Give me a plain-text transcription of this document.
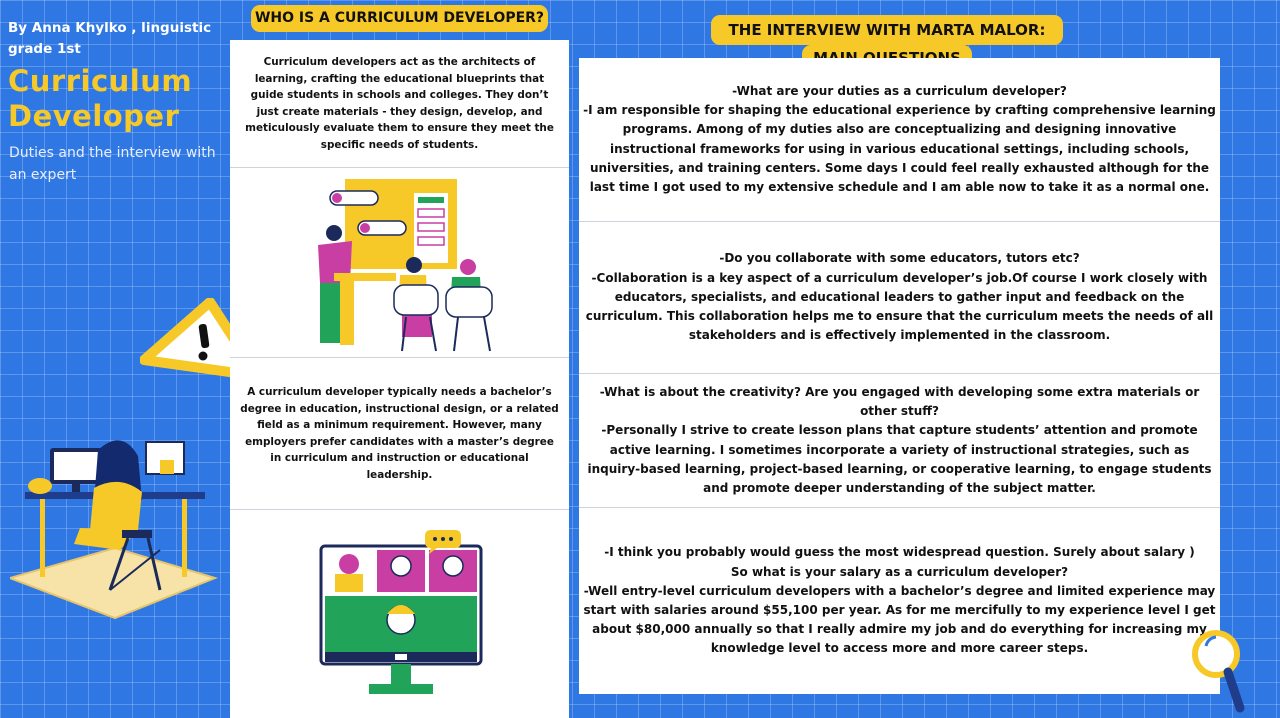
By Anna Khylko , linguistic grade 1st
Curriculum
Developer
Duties and the interview with an expert
WHO IS A CURRICULUM DEVELOPER?

Curriculum developers act as the architects of learning, crafting the educational blueprints that guide students in schools and colleges. They don’t just create materials - they design, develop, and meticulously evaluate them to ensure they meet the specific needs of students.

A curriculum developer typically needs a bachelor’s degree in education, instructional design, or a related field as a minimum requirement. However, many employers prefer candidates with a master’s degree in curriculum and instruction or educational leadership.

THE INTERVIEW WITH MARTA MALOR:
-What are your duties as a curriculum developer?
-I am responsible for shaping the educational experience by crafting comprehensive learning programs. Among of my duties also are conceptualizing and designing innovative instructional frameworks for using in various educational settings, including schools, universities, and training centers. Some days I could feel really exhausted although for the last time I got used to my extensive schedule and I am able now to take it as a normal one.
-Do you collaborate with some educators, tutors etc?
-Collaboration is a key aspect of a curriculum developer’s job.Of course I work closely with educators, specialists, and educational leaders to gather input and feedback on the curriculum. This collaboration helps me to ensure that the curriculum meets the needs of all stakeholders and is effectively implemented in the classroom.
-What is about the creativity? Are you engaged with developing some extra materials or other stuff?
-Personally I strive to create lesson plans that capture students’ attention and promote active learning. I sometimes incorporate a variety of instructional strategies, such as inquiry-based learning, project-based learning, or cooperative learning, to engage students and promote deeper understanding of the subject matter.
-I think you probably would guess the most widespread question. Surely about salary )
So what is your salary as a curriculum developer?
-Well entry-level curriculum developers with a bachelor’s degree and limited experience may start with salaries around $55,100 per year. As for me mercifully to my experience level I get about $80,000 annually so that I really admire my job and do everything for increasing my knowledge level to access more and more career steps.
